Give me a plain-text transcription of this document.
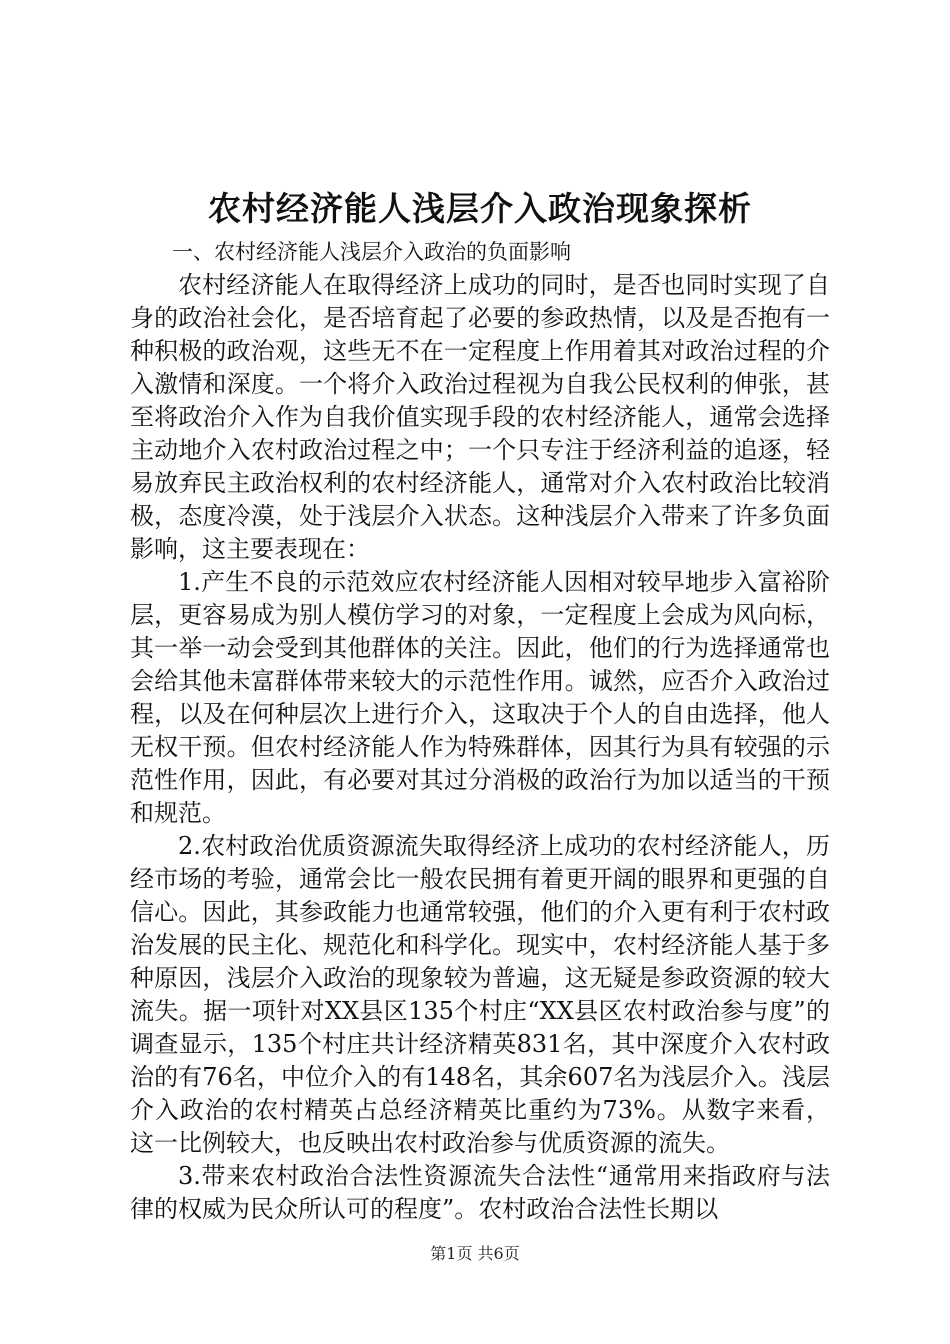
农村经济能人浅层介入政治现象探析

一、农村经济能人浅层介入政治的负面影响

农村经济能人在取得经济上成功的同时，是否也同时实现了自身的政治社会化，是否培育起了必要的参政热情，以及是否抱有一种积极的政治观，这些无不在一定程度上作用着其对政治过程的介入激情和深度。一个将介入政治过程视为自我公民权利的伸张，甚至将政治介入作为自我价值实现手段的农村经济能人，通常会选择主动地介入农村政治过程之中；一个只专注于经济利益的追逐，轻易放弃民主政治权利的农村经济能人，通常对介入农村政治比较消极，态度冷漠，处于浅层介入状态。这种浅层介入带来了许多负面影响，这主要表现在：

1.产生不良的示范效应农村经济能人因相对较早地步入富裕阶层，更容易成为别人模仿学习的对象，一定程度上会成为风向标，其一举一动会受到其他群体的关注。因此，他们的行为选择通常也会给其他未富群体带来较大的示范性作用。诚然，应否介入政治过程，以及在何种层次上进行介入，这取决于个人的自由选择，他人无权干预。但农村经济能人作为特殊群体，因其行为具有较强的示范性作用，因此，有必要对其过分消极的政治行为加以适当的干预和规范。

2.农村政治优质资源流失取得经济上成功的农村经济能人，历经市场的考验，通常会比一般农民拥有着更开阔的眼界和更强的自信心。因此，其参政能力也通常较强，他们的介入更有利于农村政治发展的民主化、规范化和科学化。现实中，农村经济能人基于多种原因，浅层介入政治的现象较为普遍，这无疑是参政资源的较大流失。据一项针对XX县区135个村庄“XX县区农村政治参与度”的调查显示，135个村庄共计经济精英831名，其中深度介入农村政治的有76名，中位介入的有148名，其余607名为浅层介入。浅层介入政治的农村精英占总经济精英比重约为73%。从数字来看，这一比例较大，也反映出农村政治参与优质资源的流失。

3.带来农村政治合法性资源流失合法性“通常用来指政府与法律的权威为民众所认可的程度”。农村政治合法性长期以

第1页 共6页
